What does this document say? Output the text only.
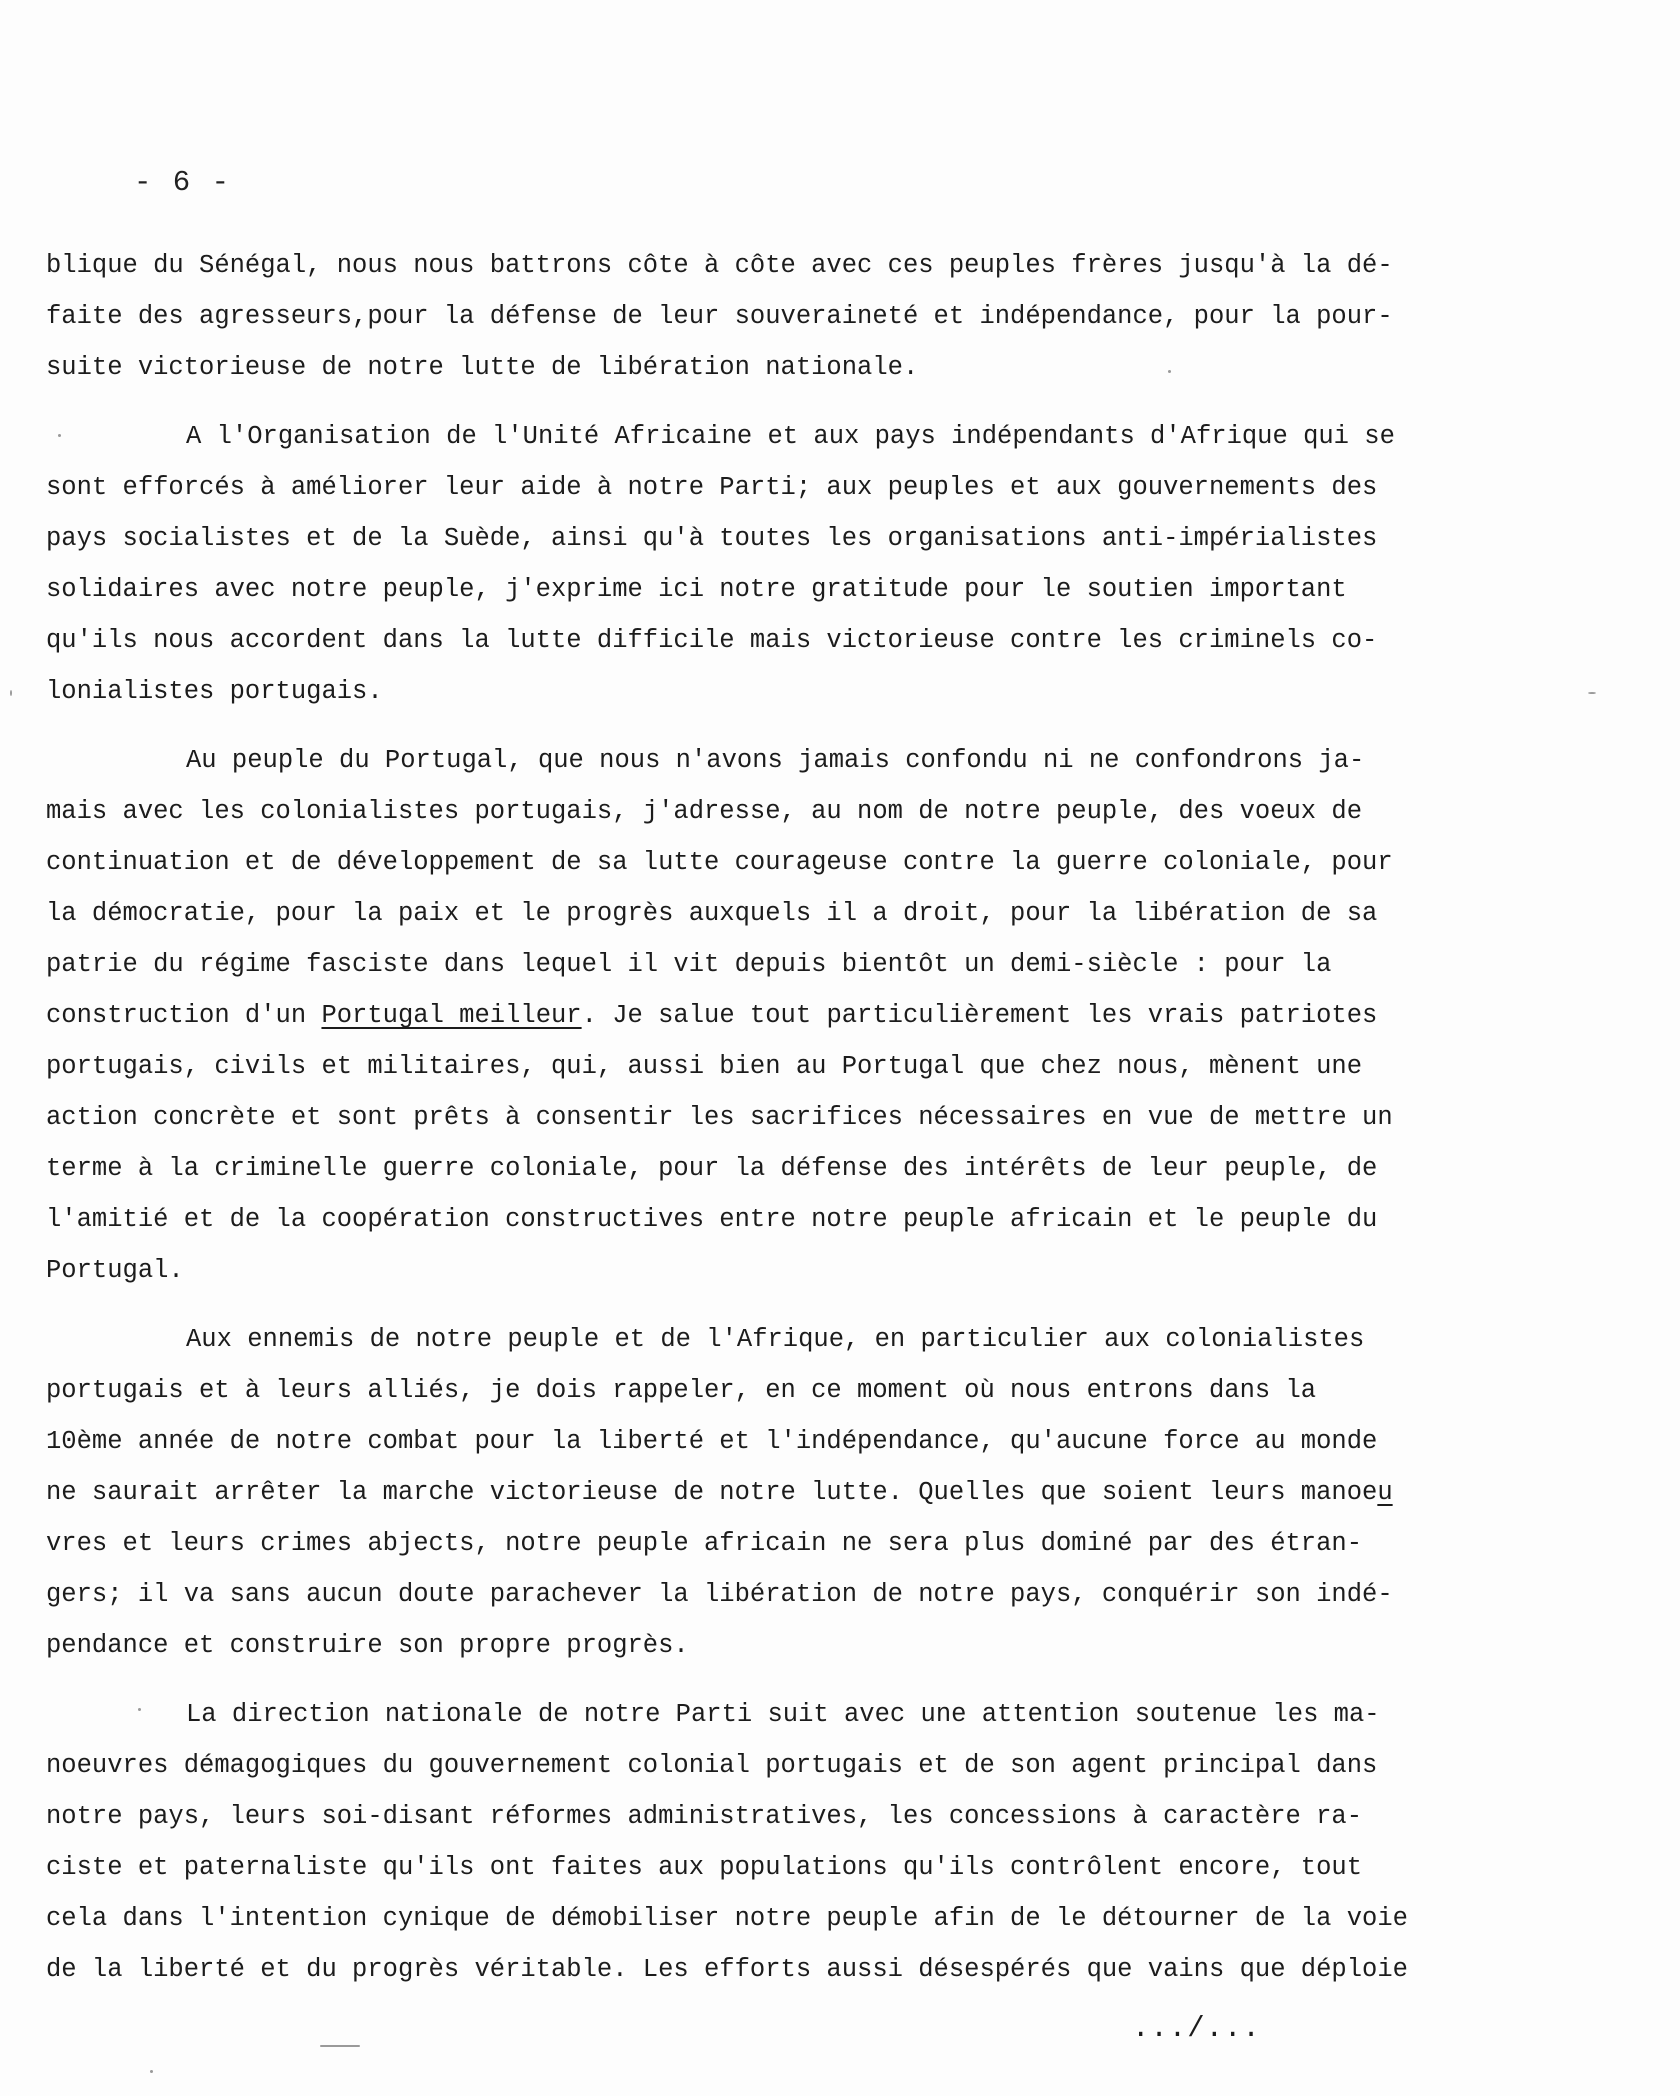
- 6 -

blique du Sénégal, nous nous battrons côte à côte avec ces peuples frères jusqu'à la dé-
faite des agresseurs,pour la défense de leur souveraineté et indépendance, pour la pour-
suite victorieuse de notre lutte de libération nationale.

A l'Organisation de l'Unité Africaine et aux pays indépendants d'Afrique qui se
sont efforcés à améliorer leur aide à notre Parti; aux peuples et aux gouvernements des
pays socialistes et de la Suède, ainsi qu'à toutes les organisations anti-impérialistes
solidaires avec notre peuple, j'exprime ici notre gratitude pour le soutien important
qu'ils nous accordent dans la lutte difficile mais victorieuse contre les criminels co-
lonialistes portugais.

Au peuple du Portugal, que nous n'avons jamais confondu ni ne confondrons ja-
mais avec les colonialistes portugais, j'adresse, au nom de notre peuple, des voeux de
continuation et de développement de sa lutte courageuse contre la guerre coloniale, pour
la démocratie, pour la paix et le progrès auxquels il a droit, pour la libération de sa
patrie du régime fasciste dans lequel il vit depuis bientôt un demi-siècle : pour la
construction d'un Portugal meilleur. Je salue tout particulièrement les vrais patriotes
portugais, civils et militaires, qui, aussi bien au Portugal que chez nous, mènent une
action concrète et sont prêts à consentir les sacrifices nécessaires en vue de mettre un
terme à la criminelle guerre coloniale, pour la défense des intérêts de leur peuple, de
l'amitié et de la coopération constructives entre notre peuple africain et le peuple du
Portugal.

Aux ennemis de notre peuple et de l'Afrique, en particulier aux colonialistes
portugais et à leurs alliés, je dois rappeler, en ce moment où nous entrons dans la
10ème année de notre combat pour la liberté et l'indépendance, qu'aucune force au monde
ne saurait arrêter la marche victorieuse de notre lutte. Quelles que soient leurs manoeu
vres et leurs crimes abjects, notre peuple africain ne sera plus dominé par des étran-
gers; il va sans aucun doute parachever la libération de notre pays, conquérir son indé-
pendance et construire son propre progrès.

La direction nationale de notre Parti suit avec une attention soutenue les ma-
noeuvres démagogiques du gouvernement colonial portugais et de son agent principal dans
notre pays, leurs soi-disant réformes administratives, les concessions à caractère ra-
ciste et paternaliste qu'ils ont faites aux populations qu'ils contrôlent encore, tout
cela dans l'intention cynique de démobiliser notre peuple afin de le détourner de la voie
de la liberté et du progrès véritable. Les efforts aussi désespérés que vains que déploie

.../...
